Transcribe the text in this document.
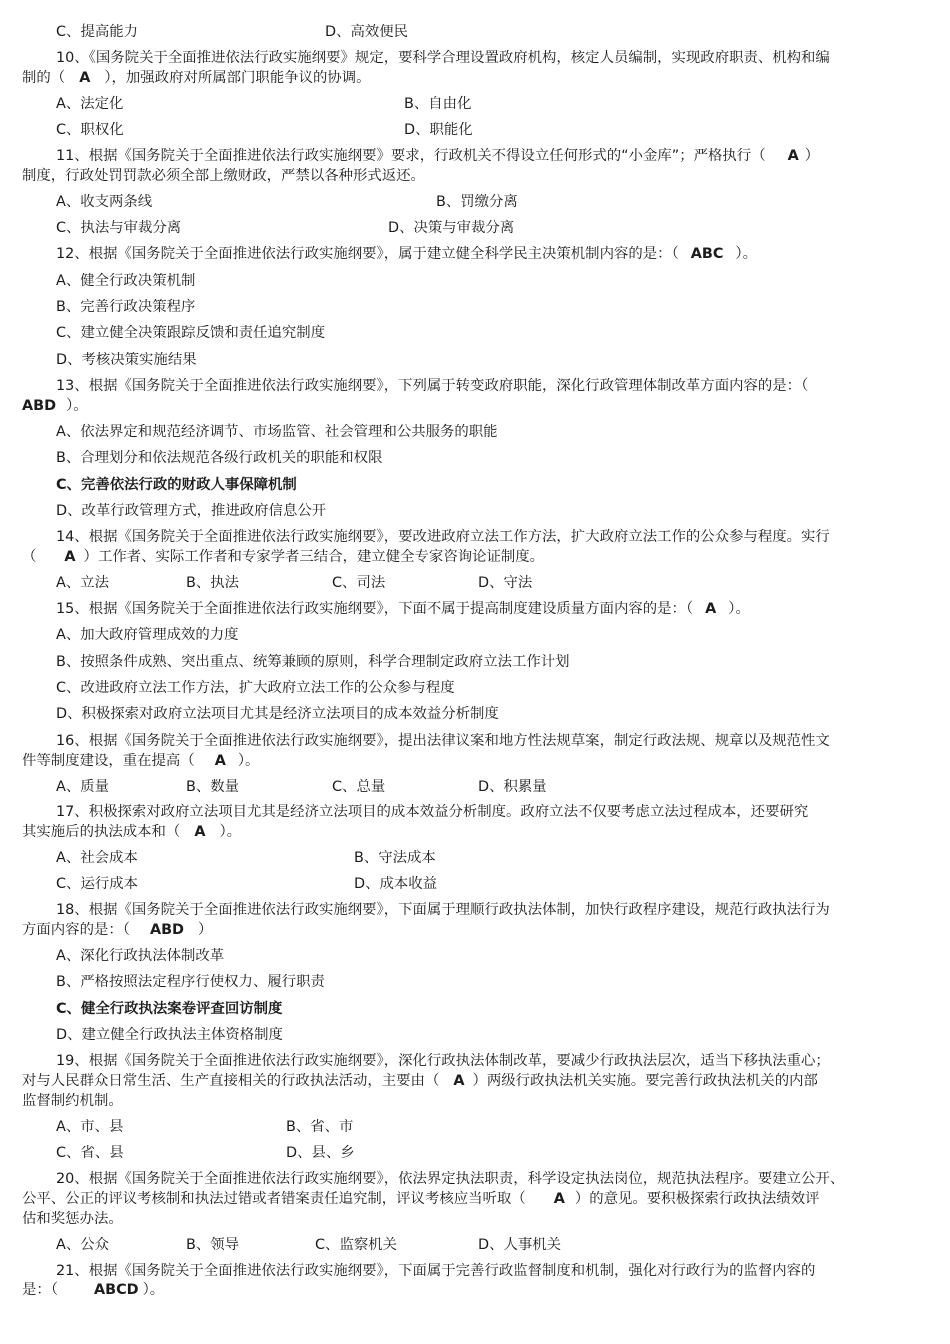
C、提高能力	D、高效便民
10、《国务院关于全面推进依法行政实施纲要》规定，要科学合理设置政府机构，核定人员编制，实现政府职责、机构和编
制的（ A ），加强政府对所属部门职能争议的协调。
A、法定化	B、自由化
C、职权化	D、职能化
11、根据《国务院关于全面推进依法行政实施纲要》要求，行政机关不得设立任何形式的“小金库”；严格执行（ A ）
制度，行政处罚罚款必须全部上缴财政，严禁以各种形式返还。
A、收支两条线	B、罚缴分离
C、执法与审裁分离	D、决策与审裁分离
12、根据《国务院关于全面推进依法行政实施纲要》，属于建立健全科学民主决策机制内容的是：（ ABC ）。
A、健全行政决策机制
B、完善行政决策程序
C、建立健全决策跟踪反馈和责任追究制度
D、考核决策实施结果
13、根据《国务院关于全面推进依法行政实施纲要》，下列属于转变政府职能，深化行政管理体制改革方面内容的是：（
ABD ）。
A、依法界定和规范经济调节、市场监管、社会管理和公共服务的职能
B、合理划分和依法规范各级行政机关的职能和权限
C、完善依法行政的财政人事保障机制
D、改革行政管理方式，推进政府信息公开
14、根据《国务院关于全面推进依法行政实施纲要》，要改进政府立法工作方法，扩大政府立法工作的公众参与程度。实行
（ A ）工作者、实际工作者和专家学者三结合，建立健全专家咨询论证制度。
A、立法	B、执法	C、司法	D、守法
15、根据《国务院关于全面推进依法行政实施纲要》，下面不属于提高制度建设质量方面内容的是：（ A ）。
A、加大政府管理成效的力度
B、按照条件成熟、突出重点、统筹兼顾的原则，科学合理制定政府立法工作计划
C、改进政府立法工作方法，扩大政府立法工作的公众参与程度
D、积极探索对政府立法项目尤其是经济立法项目的成本效益分析制度
16、根据《国务院关于全面推进依法行政实施纲要》，提出法律议案和地方性法规草案，制定行政法规、规章以及规范性文
件等制度建设，重在提高（ A ）。
A、质量	B、数量	C、总量	D、积累量
17、积极探索对政府立法项目尤其是经济立法项目的成本效益分析制度。政府立法不仅要考虑立法过程成本，还要研究
其实施后的执法成本和（ A ）。
A、社会成本	B、守法成本
C、运行成本	D、成本收益
18、根据《国务院关于全面推进依法行政实施纲要》，下面属于理顺行政执法体制，加快行政程序建设，规范行政执法行为
方面内容的是：（ ABD ）
A、深化行政执法体制改革
B、严格按照法定程序行使权力、履行职责
C、健全行政执法案卷评查回访制度
D、建立健全行政执法主体资格制度
19、根据《国务院关于全面推进依法行政实施纲要》，深化行政执法体制改革，要减少行政执法层次，适当下移执法重心；
对与人民群众日常生活、生产直接相关的行政执法活动，主要由（ A ）两级行政执法机关实施。要完善行政执法机关的内部
监督制约机制。
A、市、县	B、省、市
C、省、县	D、县、乡
20、根据《国务院关于全面推进依法行政实施纲要》，依法界定执法职责，科学设定执法岗位，规范执法程序。要建立公开、
公平、公正的评议考核制和执法过错或者错案责任追究制，评议考核应当听取（ A ）的意见。要积极探索行政执法绩效评
估和奖惩办法。
A、公众	B、领导	C、监察机关	D、人事机关
21、根据《国务院关于全面推进依法行政实施纲要》，下面属于完善行政监督制度和机制，强化对行政行为的监督内容的
是：（	ABCD ）。
